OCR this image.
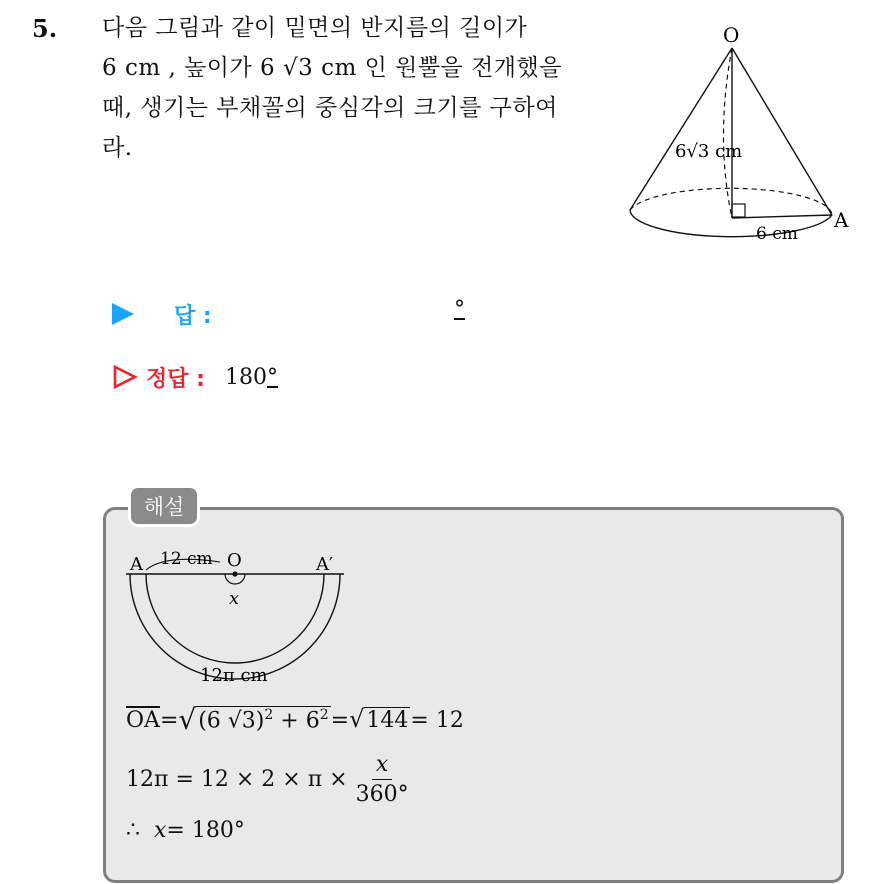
5. 다음 그림과 같이 밑면의 반지름의 길이가
6 cm , 높이가 6 √3 cm 인 원뿔을 전개했을
때, 생기는 부채꼴의 중심각의 크기를 구하여
라.
O
6√3 cm
6 cm
A
답 :	°
정답 : 180°
해설
A 12 cm O	A′
x
12π cm
$\overline{OA}$ = √ (6 $√3)^2 + 6^2$ = √ 144 = 12
$12\pi = 12 \times 2 \times \pi \times \frac{x}{360^\circ}$
∴ x = 180°
